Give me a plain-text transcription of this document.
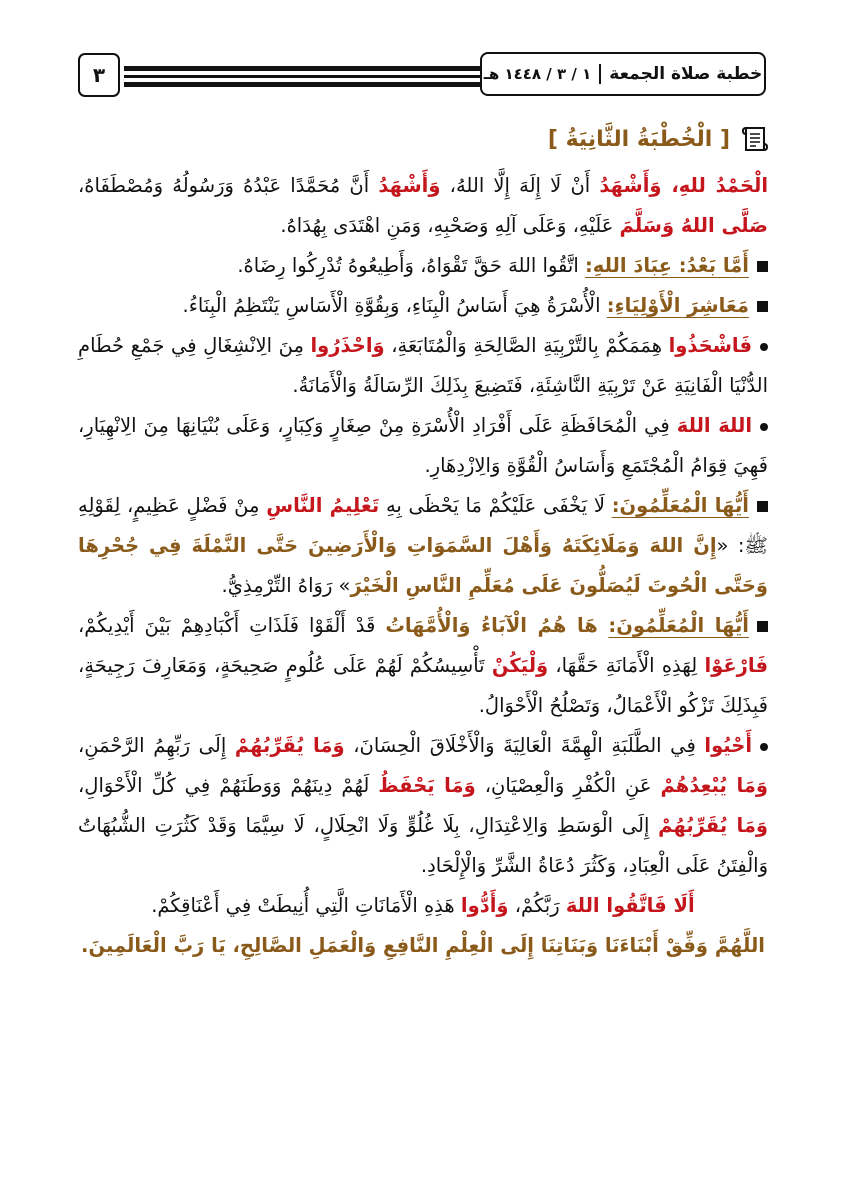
خطبة صلاة الجمعة
١ / ٣ / ١٤٤٨ هـ
٣
[ الْخُطْبَةُ الثَّانِيَةُ ]

الْحَمْدُ للهِ، وَأَشْهَدُ أَنْ لَا إِلَهَ إِلَّا اللهُ، وَأَشْهَدُ أَنَّ مُحَمَّدًا عَبْدُهُ وَرَسُولُهُ وَمُصْطَفَاهُ، صَلَّى اللهُ وَسَلَّمَ عَلَيْهِ، وَعَلَى آلِهِ وَصَحْبِهِ، وَمَنِ اهْتَدَى بِهُدَاهُ.

أَمَّا بَعْدُ: عِبَادَ اللهِ: اتَّقُوا اللهَ حَقَّ تَقْوَاهُ، وَأَطِيعُوهُ تُدْرِكُوا رِضَاهُ.

مَعَاشِرَ الْأَوْلِيَاءِ: الْأُسْرَةُ هِيَ أَسَاسُ الْبِنَاءِ، وَبِقُوَّةِ الْأَسَاسِ يَنْتَظِمُ الْبِنَاءُ.

فَاشْحَذُوا هِمَمَكُمْ بِالتَّرْبِيَةِ الصَّالِحَةِ وَالْمُتَابَعَةِ، وَاحْذَرُوا مِنَ الِانْشِغَالِ فِي جَمْعِ حُطَامِ الدُّنْيَا الْفَانِيَةِ عَنْ تَرْبِيَةِ النَّاشِئَةِ، فَتَضِيعَ بِذَلِكَ الرِّسَالَةُ وَالْأَمَانَةُ.

اللهَ اللهَ فِي الْمُحَافَظَةِ عَلَى أَفْرَادِ الْأُسْرَةِ مِنْ صِغَارٍ وَكِبَارٍ، وَعَلَى بُنْيَانِهَا مِنَ الِانْهِيَارِ، فَهِيَ قِوَامُ الْمُجْتَمَعِ وَأَسَاسُ الْقُوَّةِ وَالِازْدِهَارِ.

أَيُّهَا الْمُعَلِّمُونَ: لَا يَخْفَى عَلَيْكُمْ مَا يَحْظَى بِهِ تَعْلِيمُ النَّاسِ مِنْ فَضْلٍ عَظِيمٍ، لِقَوْلِهِ ﷺ: «إِنَّ اللهَ وَمَلَائِكَتَهُ وَأَهْلَ السَّمَوَاتِ وَالْأَرَضِينَ حَتَّى النَّمْلَةَ فِي جُحْرِهَا وَحَتَّى الْحُوتَ لَيُصَلُّونَ عَلَى مُعَلِّمِ النَّاسِ الْخَيْرَ» رَوَاهُ التِّرْمِذِيُّ.

أَيُّهَا الْمُعَلِّمُونَ: هَا هُمُ الْآبَاءُ وَالْأُمَّهَاتُ قَدْ أَلْقَوْا فَلَذَاتِ أَكْبَادِهِمْ بَيْنَ أَيْدِيكُمْ، فَارْعَوْا لِهَذِهِ الْأَمَانَةِ حَقَّهَا، وَلْيَكُنْ تَأْسِيسُكُمْ لَهُمْ عَلَى عُلُومٍ صَحِيحَةٍ، وَمَعَارِفَ رَجِيحَةٍ، فَبِذَلِكَ تَزْكُو الْأَعْمَالُ، وَتَصْلُحُ الْأَحْوَالُ.

أَحْيُوا فِي الطَّلَبَةِ الْهِمَّةَ الْعَالِيَةَ وَالْأَخْلَاقَ الْحِسَانَ، وَمَا يُقَرِّبُهُمْ إِلَى رَبِّهِمُ الرَّحْمَنِ، وَمَا يُبْعِدُهُمْ عَنِ الْكُفْرِ وَالْعِصْيَانِ، وَمَا يَحْفَظُ لَهُمْ دِينَهُمْ وَوَطَنَهُمْ فِي كُلِّ الْأَحْوَالِ، وَمَا يُقَرِّبُهُمْ إِلَى الْوَسَطِ وَالِاعْتِدَالِ، بِلَا غُلُوٍّ وَلَا انْحِلَالٍ، لَا سِيَّمَا وَقَدْ كَثُرَتِ الشُّبُهَاتُ وَالْفِتَنُ عَلَى الْعِبَادِ، وَكَثُرَ دُعَاةُ الشَّرِّ وَالْإِلْحَادِ.

أَلَا فَاتَّقُوا اللهَ رَبَّكُمْ، وَأَدُّوا هَذِهِ الْأَمَانَاتِ الَّتِي أُنِيطَتْ فِي أَعْنَاقِكُمْ.

اللَّهُمَّ وَفِّقْ أَبْنَاءَنَا وَبَنَاتِنَا إِلَى الْعِلْمِ النَّافِعِ وَالْعَمَلِ الصَّالِحِ، يَا رَبَّ الْعَالَمِينَ.
